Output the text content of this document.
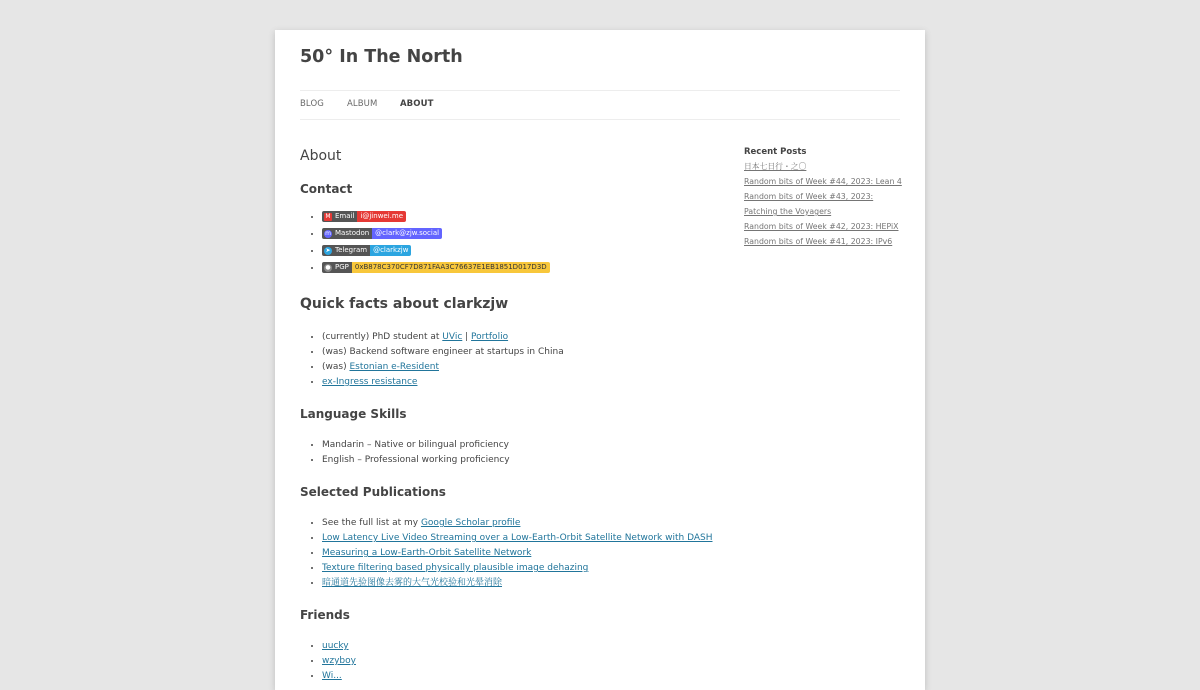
50° In The North
BLOG	ALBUM	ABOUT
About
Contact
• M Email i@jinwei.me
• m Mastodon @clark@zjw.social
• ➤ Telegram @clarkzjw
• ● PGP 0xB878C370CF7D871FAA3C76637E1EB1851D017D3D
Quick facts about clarkzjw
• (currently) PhD student at UVic | Portfolio
• (was) Backend software engineer at startups in China
• (was) Estonian e-Resident
• ex-Ingress resistance
Language Skills
• Mandarin – Native or bilingual proficiency
• English – Professional working proficiency
Selected Publications
• See the full list at my Google Scholar profile
• Low Latency Live Video Streaming over a Low-Earth-Orbit Satellite Network with DASH
• Measuring a Low-Earth-Orbit Satellite Network
• Texture filtering based physically plausible image dehazing
• 暗通道先验图像去雾的大气光校验和光晕消除
Friends
• uucky
• wzyboy
• Wi...
Recent Posts
日本七日行・之〇
Random bits of Week #44, 2023: Lean 4
Random bits of Week #43, 2023:
Patching the Voyagers
Random bits of Week #42, 2023: HEPiX
Random bits of Week #41, 2023: IPv6
